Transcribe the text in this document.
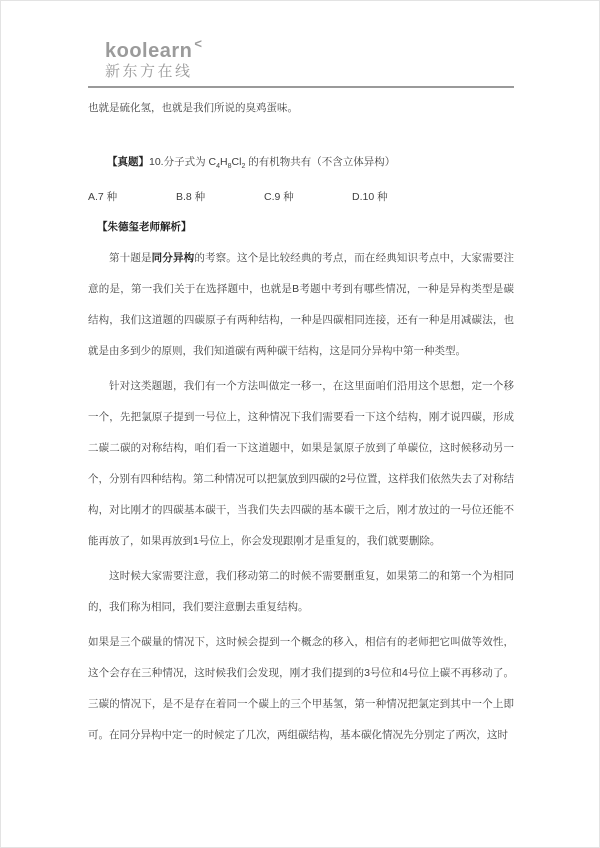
koolearn <
新东方在线

也就是硫化氢，也就是我们所说的臭鸡蛋味。

【真题】10.分子式为 $C_4H_8Cl_2$ 的有机物共有（不含立体异构）

A.7 种	B.8 种	C.9 种	D.10 种

【朱德玺老师解析】

第十题是同分异构的考察。这个是比较经典的考点，而在经典知识考点中，大家需要注意的是，第一我们关于在选择题中，也就是B考题中考到有哪些情况，一种是异构类型是碳结构，我们这道题的四碳原子有两种结构，一种是四碳相同连接，还有一种是用减碳法，也就是由多到少的原则，我们知道碳有两种碳干结构，这是同分异构中第一种类型。

针对这类题题，我们有一个方法叫做定一移一，在这里面咱们沿用这个思想，定一个移一个，先把氯原子提到一号位上，这种情况下我们需要看一下这个结构，刚才说四碳，形成二碳二碳的对称结构，咱们看一下这道题中，如果是氯原子放到了单碳位，这时候移动另一个，分别有四种结构。第二种情况可以把氯放到四碳的2号位置，这样我们依然失去了对称结构，对比刚才的四碳基本碳干，当我们失去四碳的基本碳干之后，刚才放过的一号位还能不能再放了，如果再放到1号位上，你会发现跟刚才是重复的，我们就要删除。

这时候大家需要注意，我们移动第二的时候不需要删重复，如果第二的和第一个为相同的，我们称为相同，我们要注意删去重复结构。

如果是三个碳量的情况下，这时候会提到一个概念的移入，相信有的老师把它叫做等效性，这个会存在三种情况，这时候我们会发现，刚才我们提到的3号位和4号位上碳不再移动了。三碳的情况下，是不是存在着同一个碳上的三个甲基氢，第一种情况把氯定到其中一个上即可。在同分异构中定一的时候定了几次，两组碳结构，基本碳化情况先分别定了两次，这时
